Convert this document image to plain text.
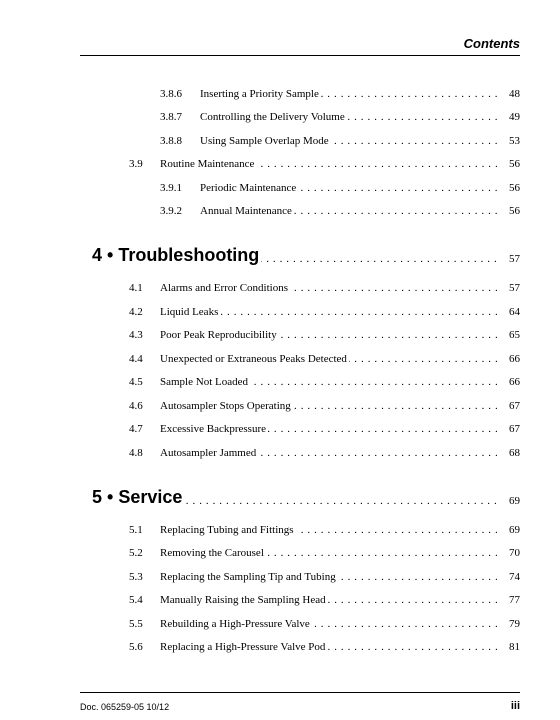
Contents
3.8.6 Inserting a Priority Sample . . .	48
3.8.7 Controlling the Delivery Volume . . .	49
3.8.8 Using Sample Overlap Mode . . .	53
3.9 Routine Maintenance . . .	56
3.9.1 Periodic Maintenance . . .	56
3.9.2 Annual Maintenance . . .	56
4 • Troubleshooting . . .	57
4.1 Alarms and Error Conditions . . .	57
4.2 Liquid Leaks . . .	64
4.3 Poor Peak Reproducibility . . .	65
4.4 Unexpected or Extraneous Peaks Detected . . .	66
4.5 Sample Not Loaded . . .	66
4.6 Autosampler Stops Operating . . .	67
4.7 Excessive Backpressure . . .	67
4.8 Autosampler Jammed . . .	68
5 • Service . . .	69
5.1 Replacing Tubing and Fittings . . .	69
5.2 Removing the Carousel . . .	70
5.3 Replacing the Sampling Tip and Tubing . . .	74
5.4 Manually Raising the Sampling Head . . .	77
5.5 Rebuilding a High-Pressure Valve . . .	79
5.6 Replacing a High-Pressure Valve Pod . . .	81
Doc. 065259-05 10/12	iii
